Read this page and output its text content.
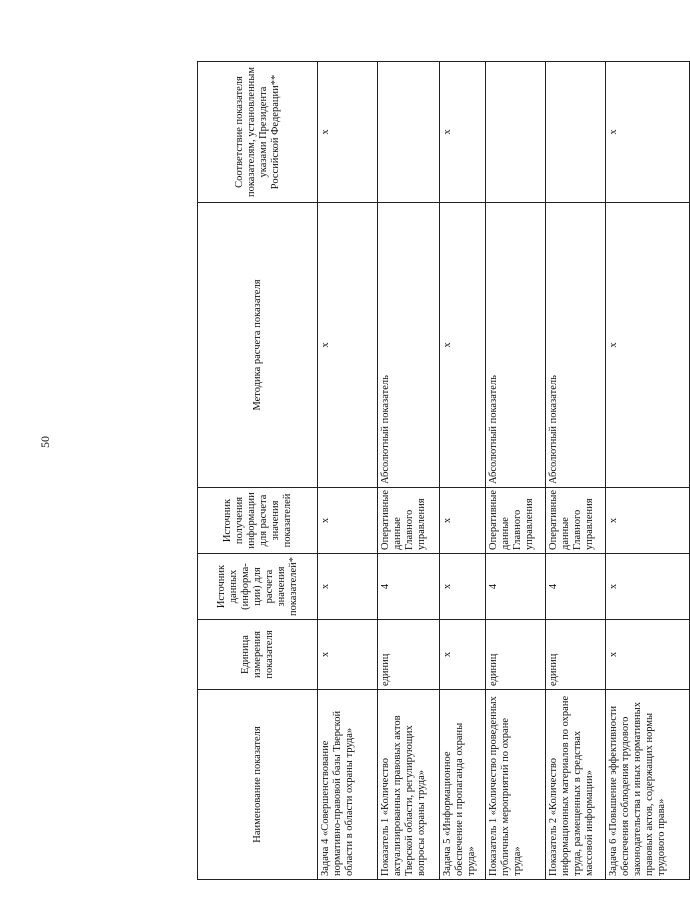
50
Наименование показателя	Единица измерения показателя	Источник данных (информа-ции) для расчета значения показателей*	Источник получения информации для расчета значения показателей	Методика расчета показателя	Соответствие показателя показателям, установленным указами Президента Российской Федерации**
Задача 4 «Совершенствование нормативно-правовой базы Тверской области в области охраны труда»	x	x	x	x	x
Показатель 1 «Количество актуализированных правовых актов Тверской области, регулирующих вопросы охраны труда»	единиц	4	Оперативные данные Главного управления	Абсолютный показатель	
Задача 5 «Информационное обеспечение и пропаганда охраны труда»	x	x	x	x	x
Показатель 1 «Количество проведенных публичных мероприятий по охране труда»	единиц	4	Оперативные данные Главного управления	Абсолютный показатель	
Показатель 2 «Количество информационных материалов по охране труда, размещенных в средствах массовой информации»	единиц	4	Оперативные данные Главного управления	Абсолютный показатель	
Задача 6 «Повышение эффективности обеспечения соблюдения трудового законодательства и иных нормативных правовых актов, содержащих нормы трудового права»	x	x	x	x	x
